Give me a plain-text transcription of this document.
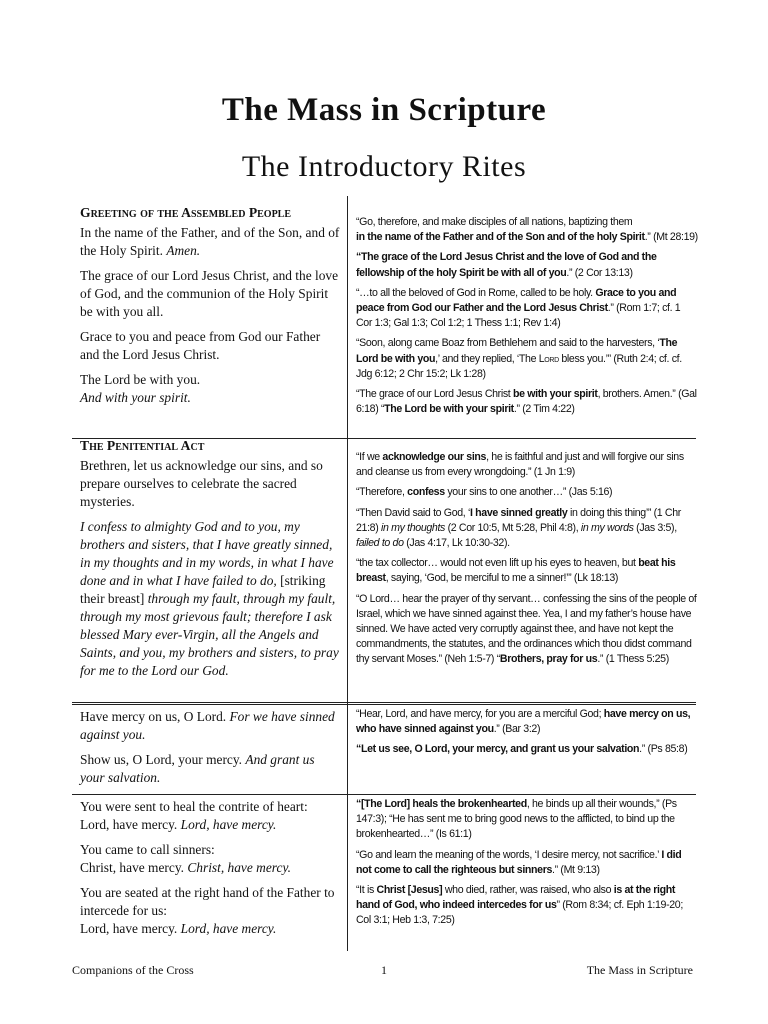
The Mass in Scripture
The Introductory Rites

Greeting of the Assembled People

In the name of the Father, and of the Son, and of the Holy Spirit. Amen.

The grace of our Lord Jesus Christ, and the love of God, and the communion of the Holy Spirit be with you all.

Grace to you and peace from God our Father and the Lord Jesus Christ.

The Lord be with you.
And with your spirit.

The Penitential Act

Brethren, let us acknowledge our sins, and so prepare ourselves to celebrate the sacred mysteries.

I confess to almighty God and to you, my brothers and sisters, that I have greatly sinned, in my thoughts and in my words, in what I have done and in what I have failed to do, [striking their breast] through my fault, through my fault, through my most grievous fault; therefore I ask blessed Mary ever-Virgin, all the Angels and Saints, and you, my brothers and sisters, to pray for me to the Lord our God.

Have mercy on us, O Lord. For we have sinned against you.

Show us, O Lord, your mercy. And grant us your salvation.

You were sent to heal the contrite of heart:
Lord, have mercy. Lord, have mercy.

You came to call sinners:
Christ, have mercy. Christ, have mercy.

You are seated at the right hand of the Father to intercede for us:
Lord, have mercy. Lord, have mercy.

“Go, therefore, and make disciples of all nations, baptizing them
in the name of the Father and of the Son and of the holy Spirit.” (Mt 28:19)

“The grace of the Lord Jesus Christ and the love of God and the fellowship of the holy Spirit be with all of you.” (2 Cor 13:13)

“…to all the beloved of God in Rome, called to be holy. Grace to you and peace from God our Father and the Lord Jesus Christ.” (Rom 1:7; cf. 1 Cor 1:3; Gal 1:3; Col 1:2; 1 Thess 1:1; Rev 1:4)

“Soon, along came Boaz from Bethlehem and said to the harvesters, ‘The Lord be with you,’ and they replied, ‘The Lord bless you.’” (Ruth 2:4; cf. cf. Jdg 6:12; 2 Chr 15:2; Lk 1:28)

“The grace of our Lord Jesus Christ be with your spirit, brothers. Amen.” (Gal 6:18) “The Lord be with your spirit.” (2 Tim 4:22)

“If we acknowledge our sins, he is faithful and just and will forgive our sins and cleanse us from every wrongdoing.” (1 Jn 1:9)

“Therefore, confess your sins to one another…” (Jas 5:16)

“Then David said to God, ‘I have sinned greatly in doing this thing’” (1 Chr 21:8) in my thoughts (2 Cor 10:5, Mt 5:28, Phil 4:8), in my words (Jas 3:5), failed to do (Jas 4:17, Lk 10:30-32).

“the tax collector… would not even lift up his eyes to heaven, but beat his breast, saying, ‘God, be merciful to me a sinner!’” (Lk 18:13)

“O Lord… hear the prayer of thy servant… confessing the sins of the people of Israel, which we have sinned against thee. Yea, I and my father’s house have sinned. We have acted very corruptly against thee, and have not kept the commandments, the statutes, and the ordinances which thou didst command thy servant Moses.” (Neh 1:5-7) “Brothers, pray for us.” (1 Thess 5:25)

“Hear, Lord, and have mercy, for you are a merciful God; have mercy on us, who have sinned against you.” (Bar 3:2)

“Let us see, O Lord, your mercy, and grant us your salvation.” (Ps 85:8)

“[The Lord] heals the brokenhearted, he binds up all their wounds,” (Ps 147:3); “He has sent me to bring good news to the afflicted, to bind up the brokenhearted…” (Is 61:1)

“Go and learn the meaning of the words, ‘I desire mercy, not sacrifice.’ I did not come to call the righteous but sinners.” (Mt 9:13)

“It is Christ [Jesus] who died, rather, was raised, who also is at the right hand of God, who indeed intercedes for us” (Rom 8:34; cf. Eph 1:19-20; Col 3:1; Heb 1:3, 7:25)

Companions of the Cross	1	The Mass in Scripture
